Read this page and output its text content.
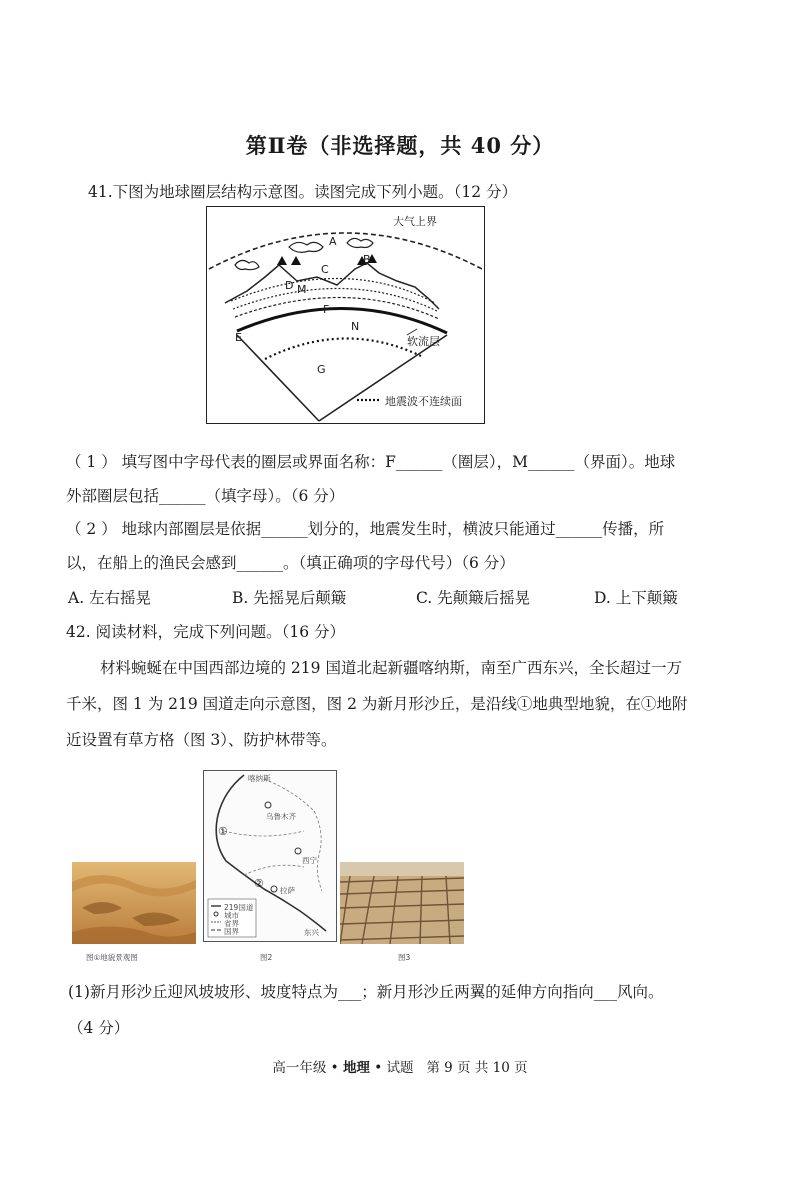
第Ⅱ卷（非选择题，共 40 分）
41.下图为地球圈层结构示意图。读图完成下列小题。（12 分）
大气上界
A
B
C
D M
F
N
E
G
软流层
地震波不连续面
（ 1 ） 填写图中字母代表的圈层或界面名称：F______（圈层），M______（界面）。地球
外部圈层包括______（填字母）。（6 分）
（ 2 ） 地球内部圈层是依据______划分的，地震发生时，横波只能通过______传播，所
以，在船上的渔民会感到______。（填正确项的字母代号）（6 分）
A. 左右摇晃	B. 先摇晃后颠簸	C. 先颠簸后摇晃	D. 上下颠簸
42. 阅读材料，完成下列问题。（16 分）
材料蜿蜒在中国西部边境的 219 国道北起新疆喀纳斯，南至广西东兴，全长超过一万
千米，图 1 为 219 国道走向示意图，图 2 为新月形沙丘，是沿线①地典型地貌，在①地附
近设置有草方格（图 3）、防护林带等。
图①地貌景观图
喀纳斯
乌鲁木齐
西宁
拉萨
东兴
①
②
219国道
城市
省界
国界
图2	图3
(1)新月形沙丘迎风坡坡形、坡度特点为___；新月形沙丘两翼的延伸方向指向___风向。
（4 分）
高一年级 • 地理 • 试题 第 9 页 共 10 页
